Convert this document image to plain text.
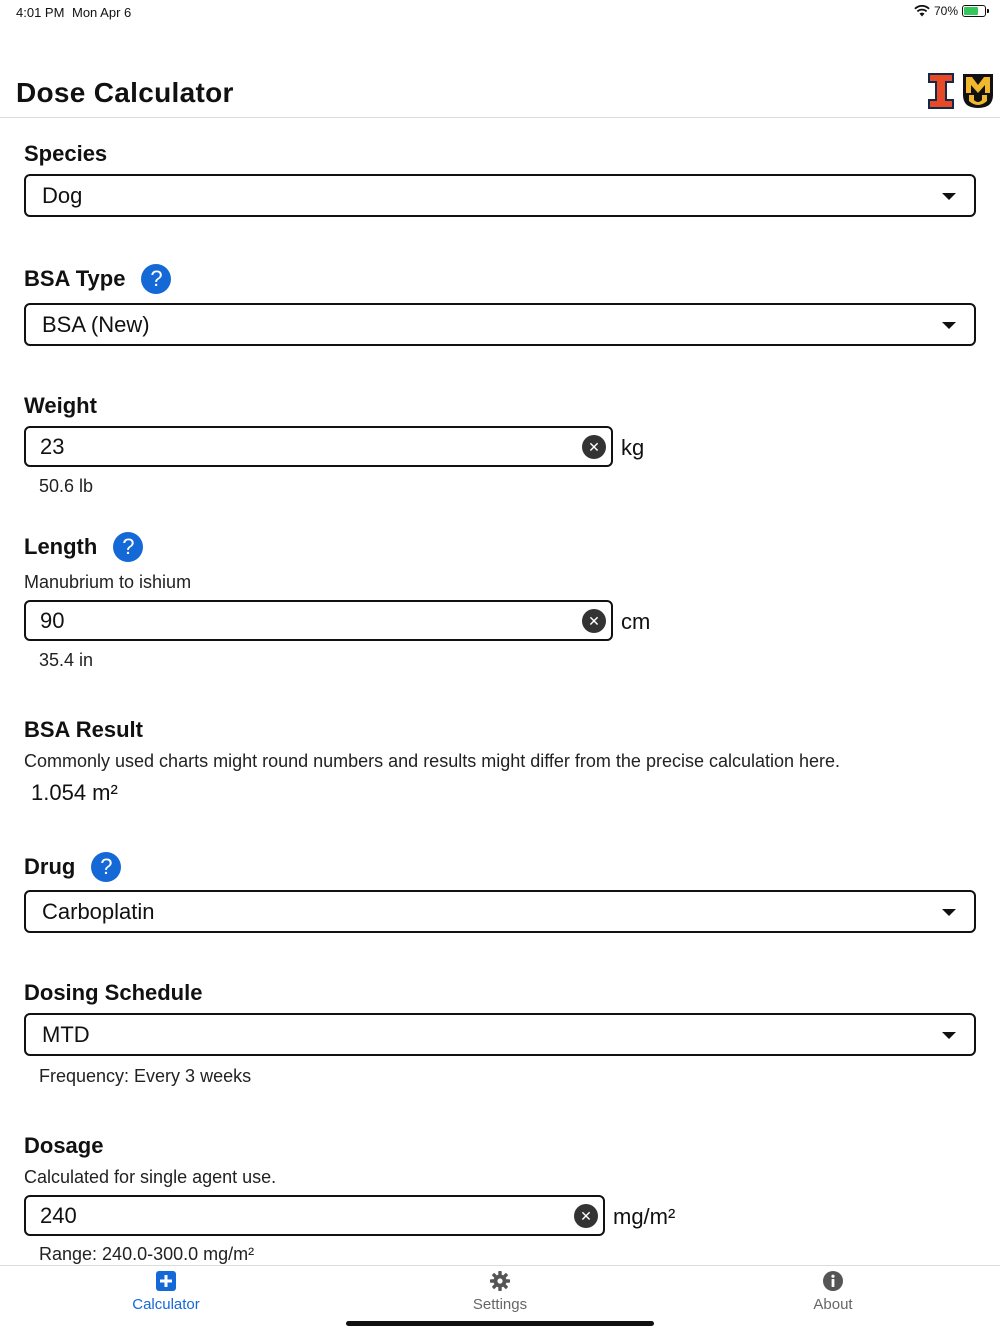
4:01 PM Mon Apr 6	70%
Dose Calculator
Species
Dog
BSA Type	?
BSA (New)
Weight
23	✕ kg
50.6 lb
Length	?
Manubrium to ishium
90	✕ cm
35.4 in
BSA Result
Commonly used charts might round numbers and results might differ from the precise calculation here.
1.054 m²
Drug	?
Carboplatin
Dosing Schedule
MTD
Frequency: Every 3 weeks
Dosage
Calculated for single agent use.
240	✕ mg/m²
Range: 240.0-300.0 mg/m²
Calculator	Settings	About
